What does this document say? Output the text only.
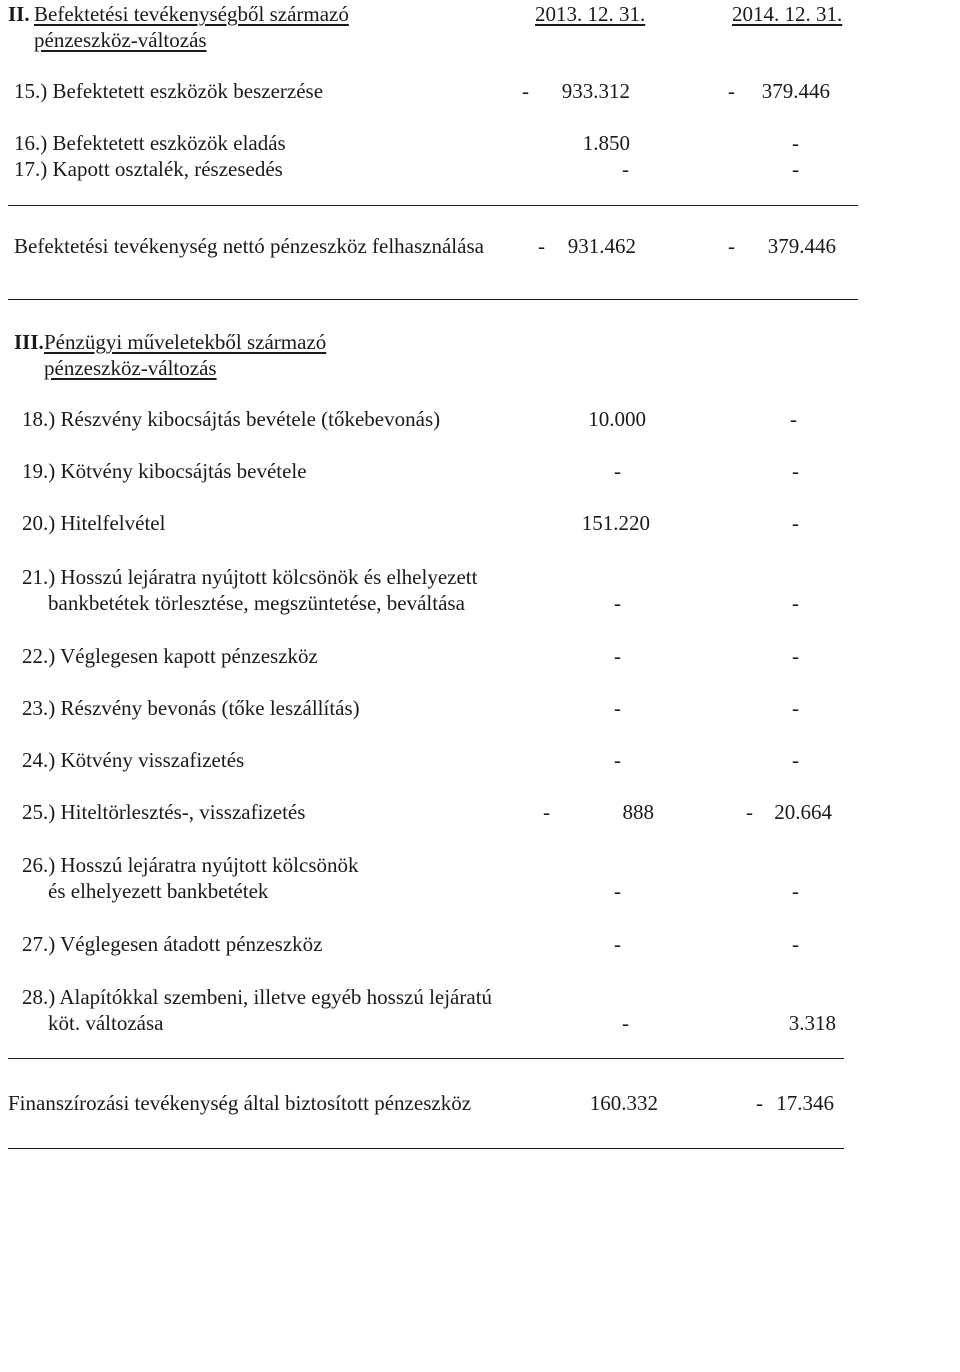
II. Befektetési tevékenységből származó
pénzeszköz-változás
2013. 12. 31.	2014. 12. 31.
15.) Befektetett eszközök beszerzése	-	933.312	-	379.446
16.) Befektetett eszközök eladás	1.850	-
17.) Kapott osztalék, részesedés	-	-
Befektetési tevékenység nettó pénzeszköz felhasználása	-	931.462	-	379.446
III. Pénzügyi műveletekből származó
pénzeszköz-változás
18.) Részvény kibocsájtás bevétele (tőkebevonás)	10.000	-
19.) Kötvény kibocsájtás bevétele	-	-
20.) Hitelfelvétel	151.220	-
21.) Hosszú lejáratra nyújtott kölcsönök és elhelyezett
bankbetétek törlesztése, megszüntetése, beváltása	-	-
22.) Véglegesen kapott pénzeszköz	-	-
23.) Részvény bevonás (tőke leszállítás)	-	-
24.) Kötvény visszafizetés	-	-
25.) Hiteltörlesztés-, visszafizetés	-	888	-	20.664
26.) Hosszú lejáratra nyújtott kölcsönök
és elhelyezett bankbetétek	-	-
27.) Véglegesen átadott pénzeszköz	-	-
28.) Alapítókkal szembeni, illetve egyéb hosszú lejáratú
köt. változása	-	3.318
Finanszírozási tevékenység által biztosított pénzeszköz	160.332	- 17.346
